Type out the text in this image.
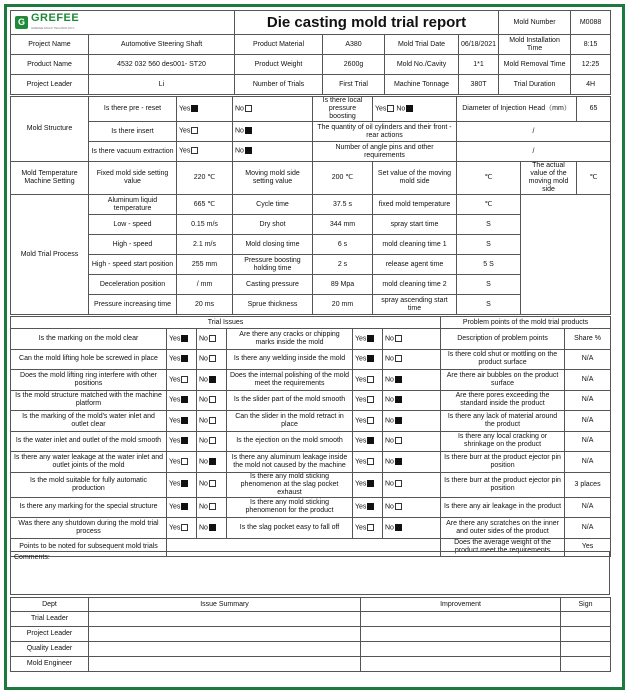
G GREFEE
GREFEE MOLD TECHNOLOGY		Die casting mold trial report				Mold Number	M0088
Project Name	Automotive Steering Shaft	Product Material	A380	Mold Trial Date	06/18/2021	Mold Installation Time	8:15
Product Name	4532 032 560 des001- ST20	Product Weight	2600g	Mold No./Cavity	1*1	Mold Removal Time	12:25
Project Leader	Li	Number of Trials	First Trial	Machine Tonnage	380T	Trial Duration	4H
Mold Structure	Is there pre - reset	Yes	No	Is there local pressure boosting	Yes No	Diameter of Injection Head（mm）		65
	Is there insert	Yes	No	The quantity of oil cylinders and their front - rear actions		/		
	Is there vacuum extraction	Yes	No	Number of angle pins and other requirements		/		
Mold Temperature Machine Setting	Fixed mold side setting value	220 ℃	Moving mold side setting value	200 ℃	Set value of the moving mold side	℃	The actual value of the moving mold side	℃
Mold Trial Process	Aluminum liquid temperature	665 ℃	Cycle time	37.5 s	fixed mold temperature	℃		
	Low - speed	0.15 m/s	Dry shot	344 mm	spray start time	S		
	High - speed	2.1 m/s	Mold closing time	6 s	mold cleaning time 1	S		
	High - speed start position	255 mm	Pressure boosting holding time	2 s	release agent time	5 S		
	Deceleration position	/ mm	Casting pressure	89 Mpa	mold cleaning time 2	S		
	Pressure increasing time	20 ms	Sprue thickness	20 mm	spray ascending start time	S		
Trial Issues						Problem points of the mold trial products	
Is the marking on the mold clear	Yes	No	Are there any cracks or chipping marks inside the mold	Yes	No	Description of problem points	Share %
Can the mold lifting hole be screwed in place	Yes	No	Is there any welding inside the mold	Yes	No	Is there cold shut or mottling on the product surface	N/A
Does the mold lifting ring interfere with other positions	Yes	No	Does the internal polishing of the mold meet the requirements	Yes	No	Are there air bubbles on the product surface	N/A
Is the mold structure matched with the machine platform	Yes	No	Is the slider part of the mold smooth	Yes	No	Are there pores exceeding the standard inside the product	N/A
Is the marking of the mold's water inlet and outlet clear	Yes	No	Can the slider in the mold retract in place	Yes	No	Is there any lack of material around the product	N/A
Is the water inlet and outlet of the mold smooth	Yes	No	Is the ejection on the mold smooth	Yes	No	Is there any local cracking or shrinkage on the product	N/A
Is there any water leakage at the water inlet and outlet joints of the mold	Yes	No	Is there any aluminum leakage inside the mold not caused by the machine	Yes	No	Is there burr at the product ejector pin position	N/A
Is the mold suitable for fully automatic production	Yes	No	Is there any mold sticking phenomenon at the slag pocket exhaust	Yes	No	Is there burr at the product ejector pin position	3 places
Is there any marking for the special structure	Yes	No	Is there any mold sticking phenomenon for the product	Yes	No	Is there any air leakage in the product	N/A
Was there any shutdown during the mold trial process	Yes	No	Is the slag pocket easy to fall off	Yes	No	Are there any scratches on the inner and outer sides of the product	N/A
Points to be noted for subsequent mold trials						Does the average weight of the product meet the requirements	Yes
Comments:
Dept	Issue Summary	Improvement	Sign
Trial Leader			
Project Leader			
Quality Leader			
Mold Engineer			
